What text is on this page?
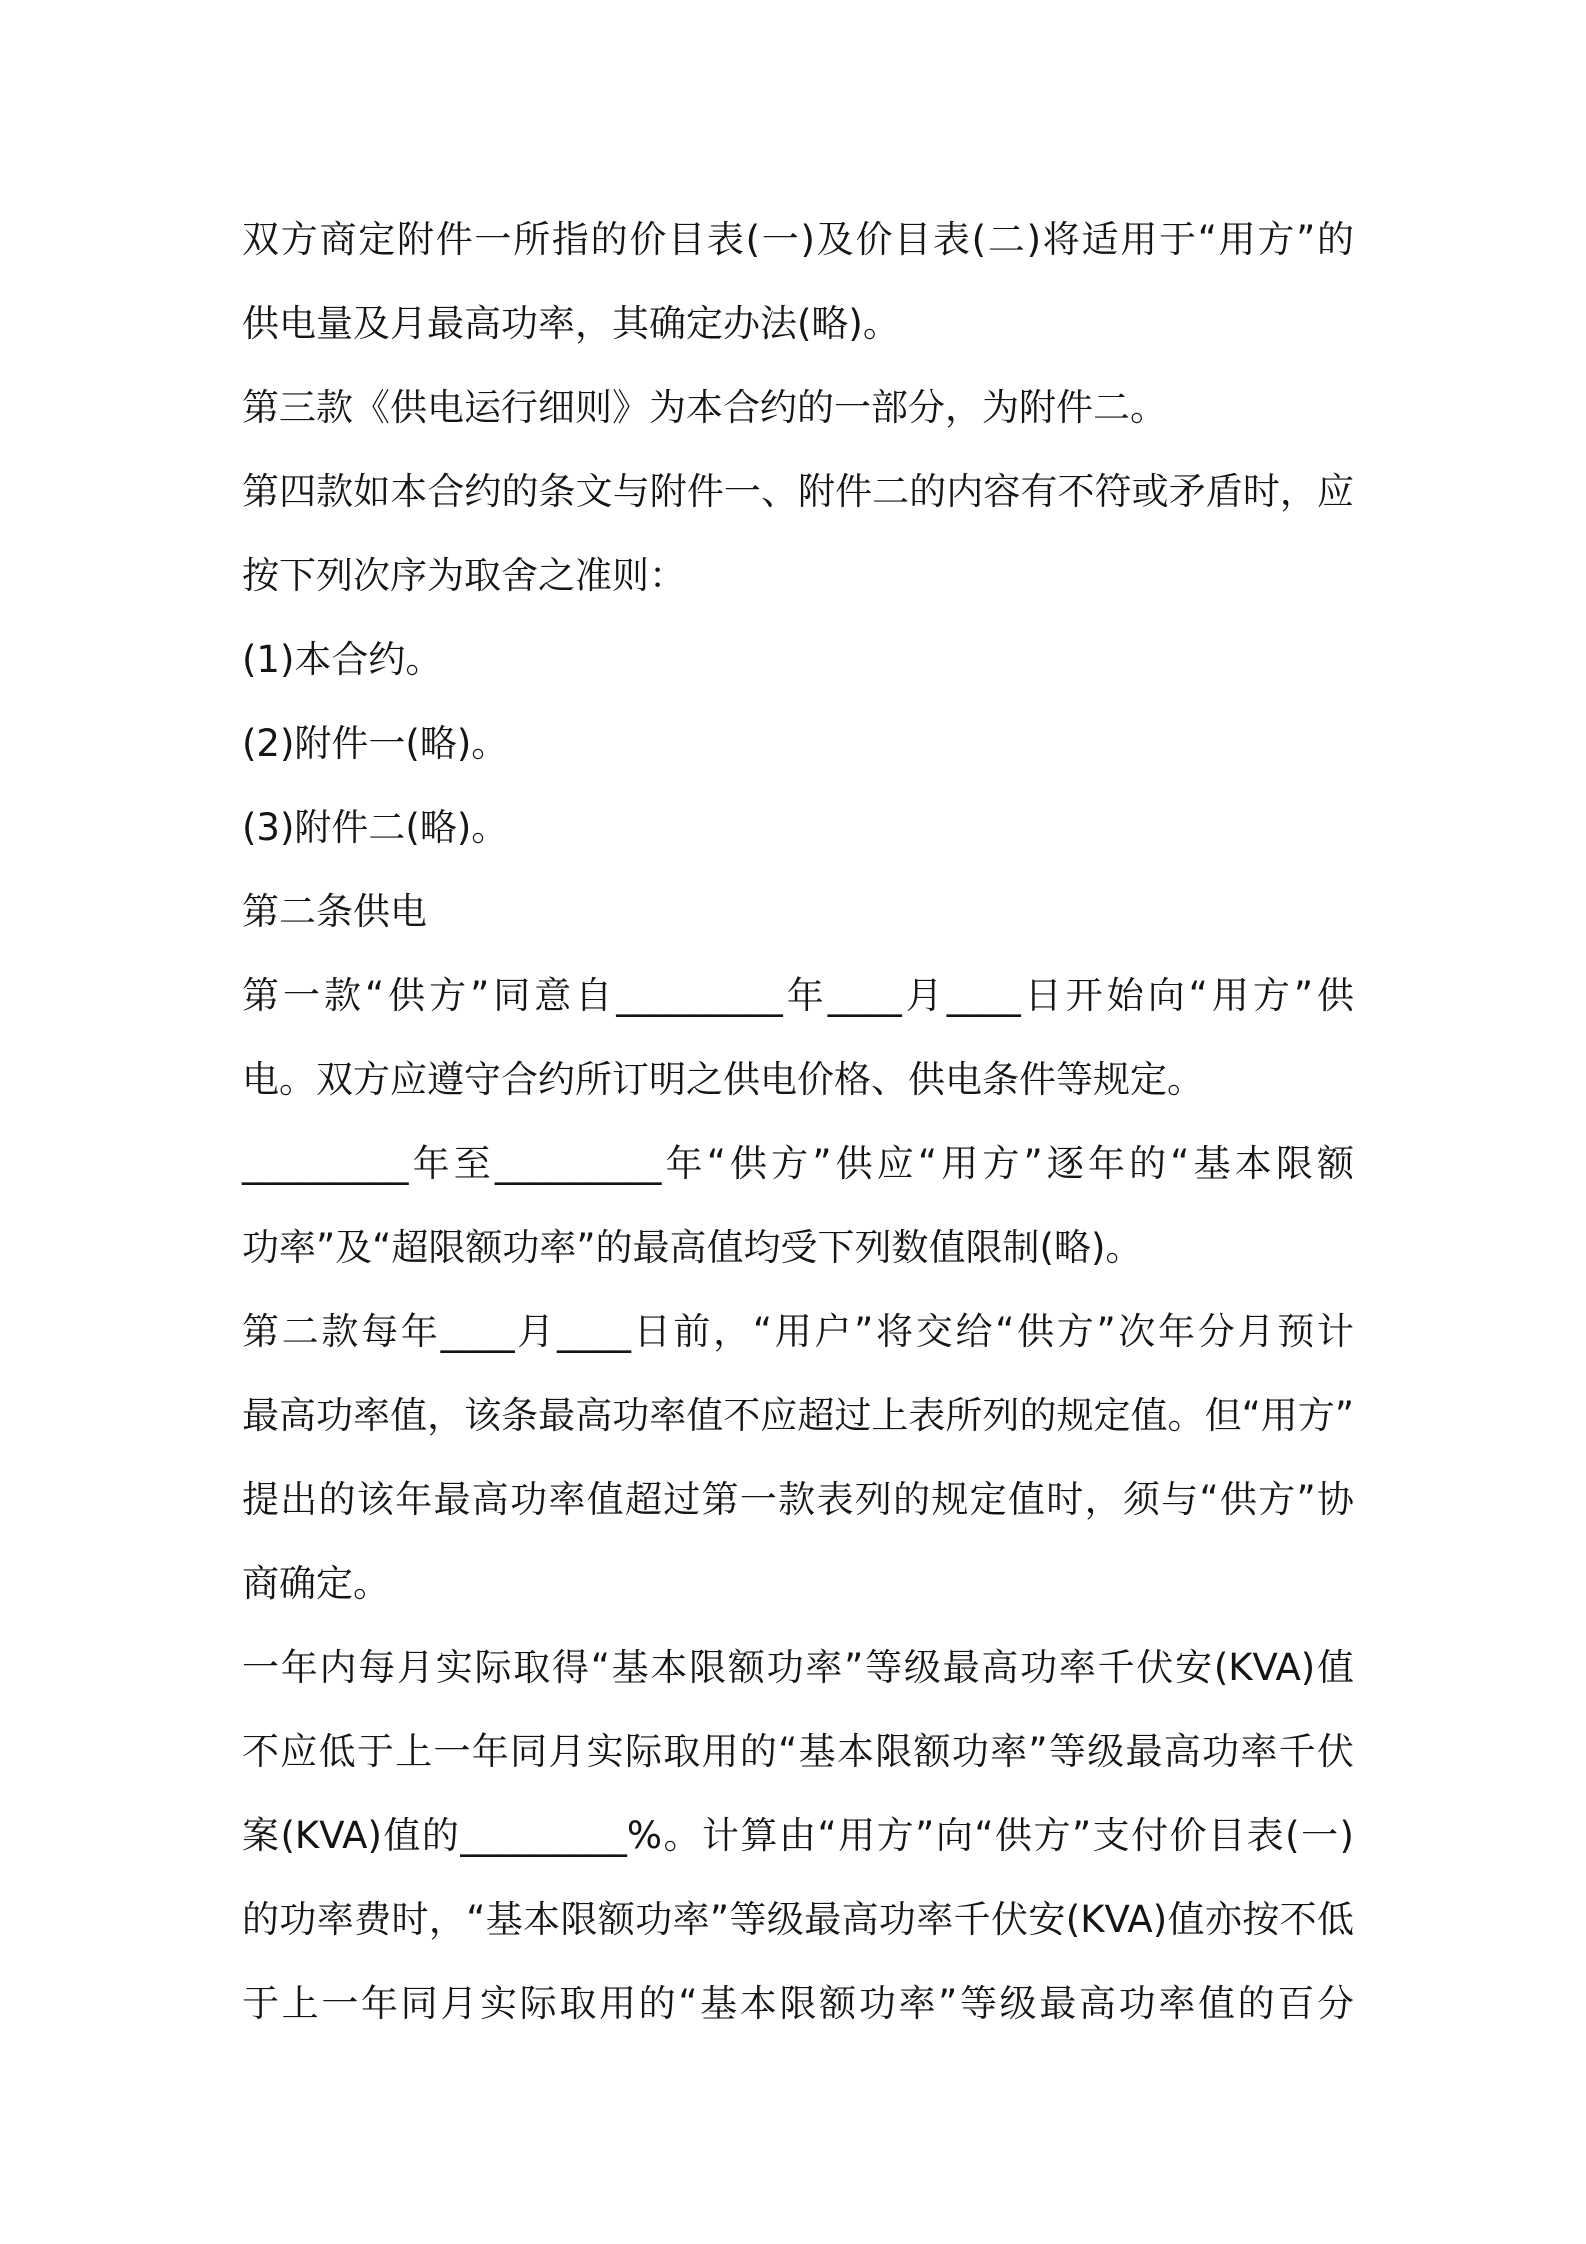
双方商定附件一所指的价目表(一)及价目表(二)将适用于“用方”的
供电量及月最高功率，其确定办法(略)。
第三款《供电运行细则》为本合约的一部分，为附件二。
第四款如本合约的条文与附件一、附件二的内容有不符或矛盾时，应
按下列次序为取舍之准则：
(1)本合约。
(2)附件一(略)。
(3)附件二(略)。
第二条供电
第一款“供方”同意自_________年____月____日开始向“用方”供
电。双方应遵守合约所订明之供电价格、供电条件等规定。
_________年至_________年“供方”供应“用方”逐年的“基本限额
功率”及“超限额功率”的最高值均受下列数值限制(略)。
第二款每年____月____日前，“用户”将交给“供方”次年分月预计
最高功率值，该条最高功率值不应超过上表所列的规定值。但“用方”
提出的该年最高功率值超过第一款表列的规定值时，须与“供方”协
商确定。
一年内每月实际取得“基本限额功率”等级最高功率千伏安(KVA)值
不应低于上一年同月实际取用的“基本限额功率”等级最高功率千伏
案(KVA)值的_________%。计算由“用方”向“供方”支付价目表(一)
的功率费时，“基本限额功率”等级最高功率千伏安(KVA)值亦按不低
于上一年同月实际取用的“基本限额功率”等级最高功率值的百分
